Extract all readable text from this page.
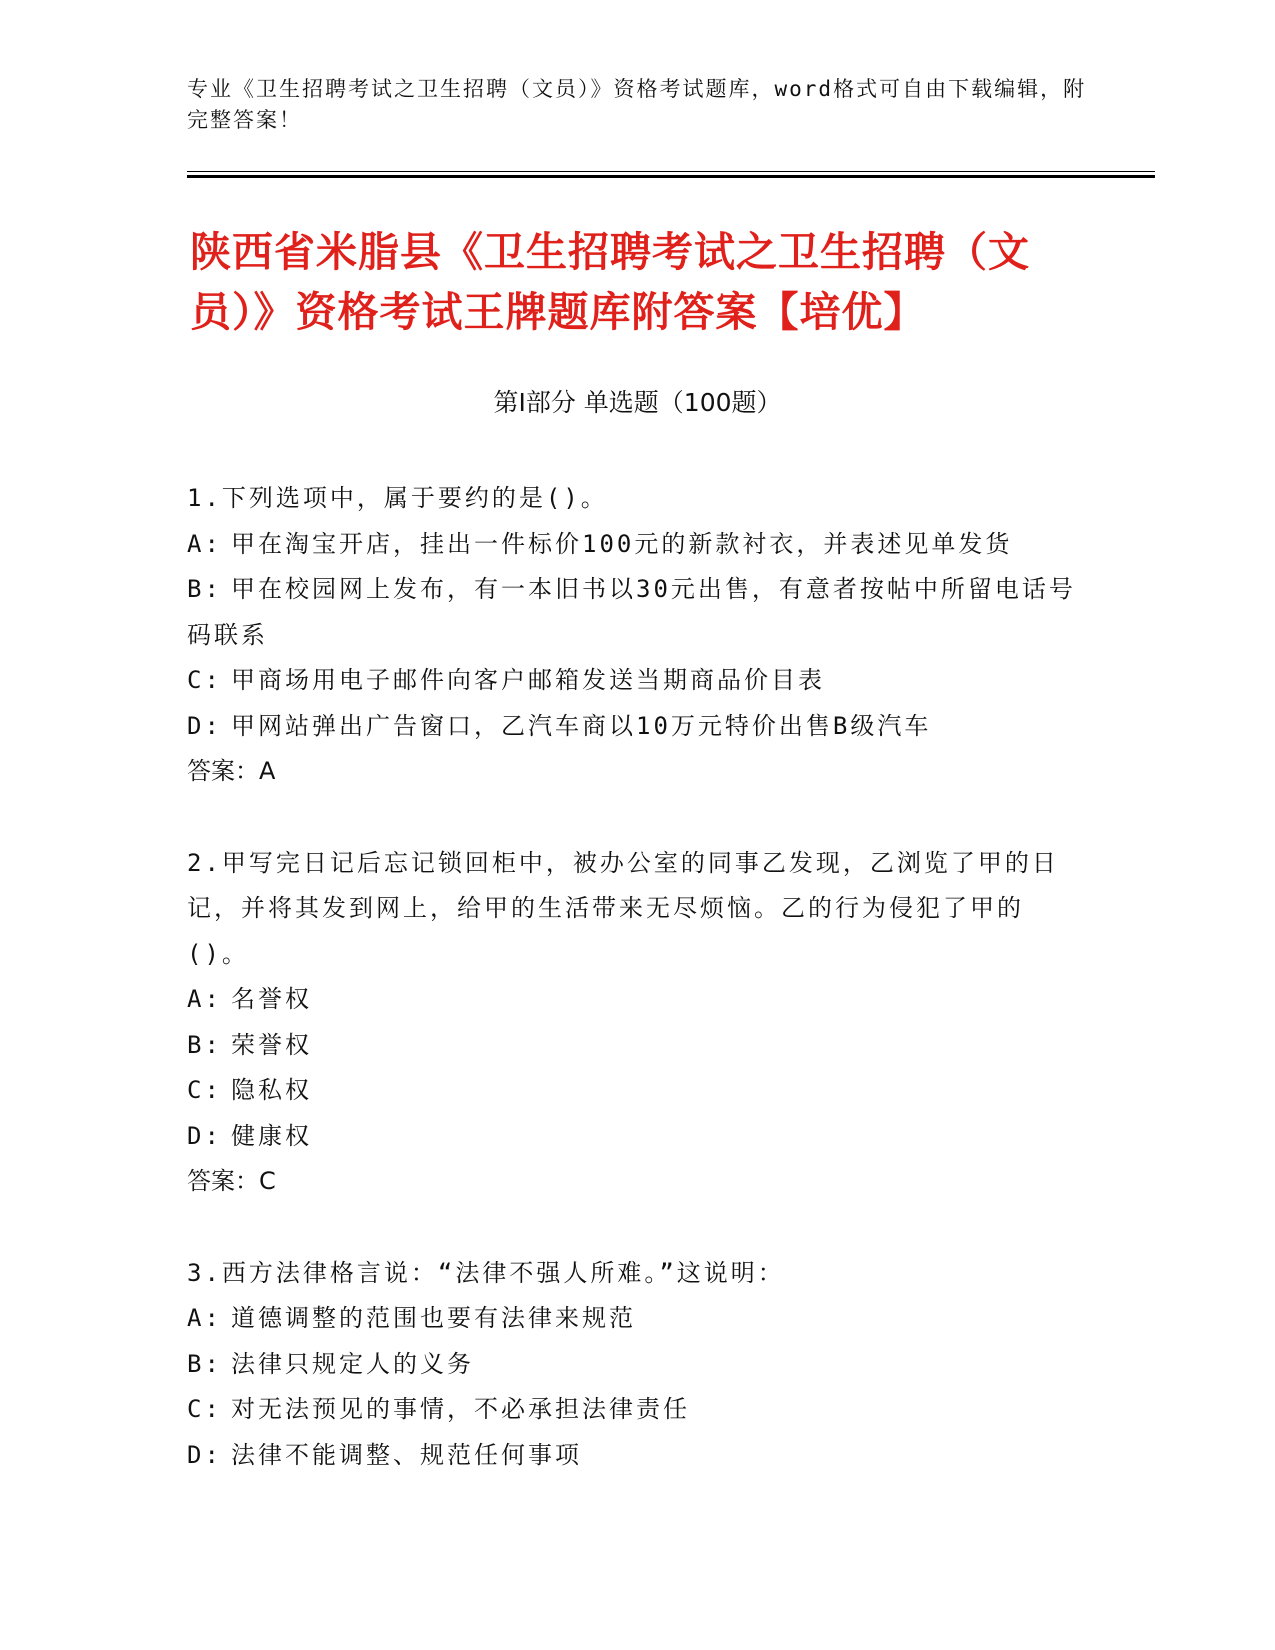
专业《卫生招聘考试之卫生招聘（文员）》资格考试题库，word格式可自由下载编辑，附完整答案！
陕西省米脂县《卫生招聘考试之卫生招聘（文员）》资格考试王牌题库附答案【培优】
第Ⅰ部分 单选题（100题）
1.下列选项中，属于要约的是()。
A: 甲在淘宝开店，挂出一件标价100元的新款衬衣，并表述见单发货
B: 甲在校园网上发布，有一本旧书以30元出售，有意者按帖中所留电话号码联系
C: 甲商场用电子邮件向客户邮箱发送当期商品价目表
D: 甲网站弹出广告窗口，乙汽车商以10万元特价出售B级汽车
答案：A
2.甲写完日记后忘记锁回柜中，被办公室的同事乙发现，乙浏览了甲的日记，并将其发到网上，给甲的生活带来无尽烦恼。乙的行为侵犯了甲的()。
A: 名誉权
B: 荣誉权
C: 隐私权
D: 健康权
答案：C
3.西方法律格言说：“法律不强人所难。”这说明：
A: 道德调整的范围也要有法律来规范
B: 法律只规定人的义务
C: 对无法预见的事情，不必承担法律责任
D: 法律不能调整、规范任何事项
